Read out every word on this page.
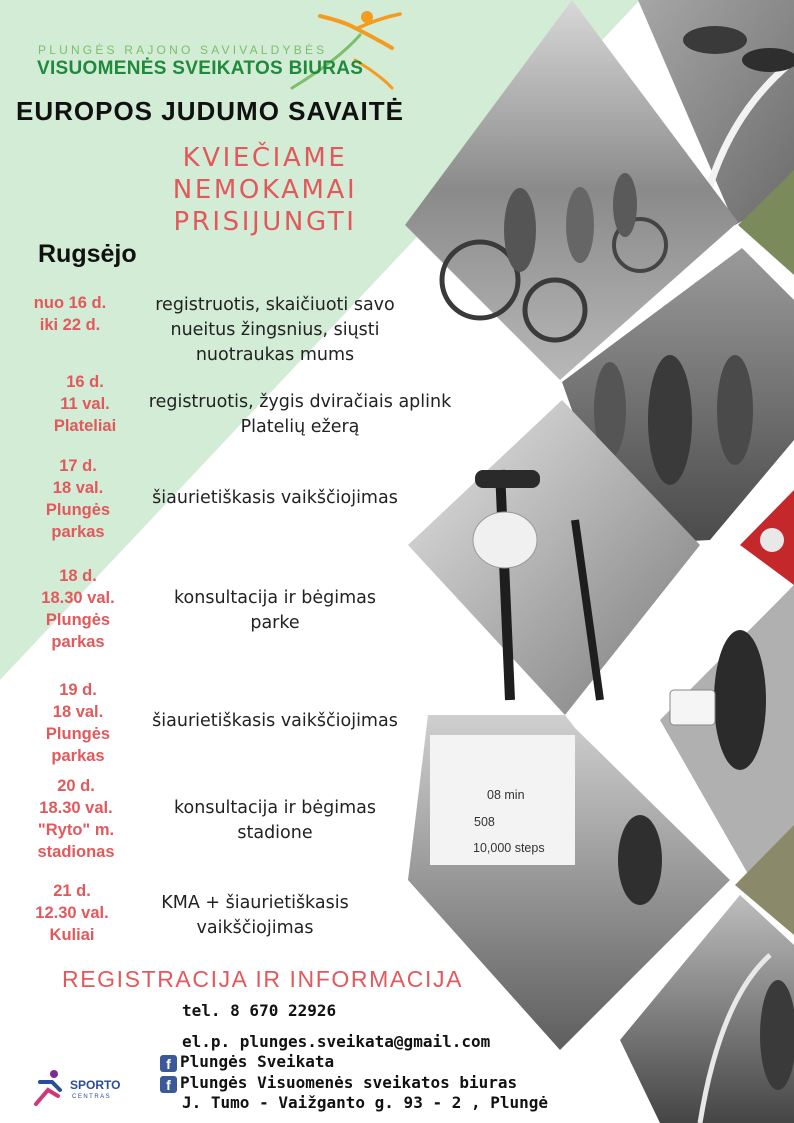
08 min
508
10,000 steps
PLUNGĖS RAJONO SAVIVALDYBĖS
VISUOMENĖS SVEIKATOS BIURAS
EUROPOS JUDUMO SAVAITĖ
KVIEČIAME
NEMOKAMAI
PRISIJUNGTI
Rugsėjo
nuo 16 d.
iki 22 d.
registruotis, skaičiuoti savo
nueitus žingsnius, siųsti
nuotraukas mums
16 d.
11 val.
Plateliai
registruotis, žygis dviračiais aplink
Platelių ežerą
17 d.
18 val.
Plungės
parkas
šiaurietiškasis vaikščiojimas
18 d.
18.30 val.
Plungės
parkas
konsultacija ir bėgimas
parke
19 d.
18 val.
Plungės
parkas
šiaurietiškasis vaikščiojimas
20 d.
18.30 val.
"Ryto" m.
stadionas
konsultacija ir bėgimas
stadione
21 d.
12.30 val.
Kuliai
KMA + šiaurietiškasis
vaikščiojimas
REGISTRACIJA IR INFORMACIJA
tel. 8 670 22926
el.p. plunges.sveikata@gmail.com
f Plungės Sveikata
f Plungės Visuomenės sveikatos biuras
J. Tumo - Vaižganto g. 93 - 2 , Plungė
SPORTO
CENTRAS
